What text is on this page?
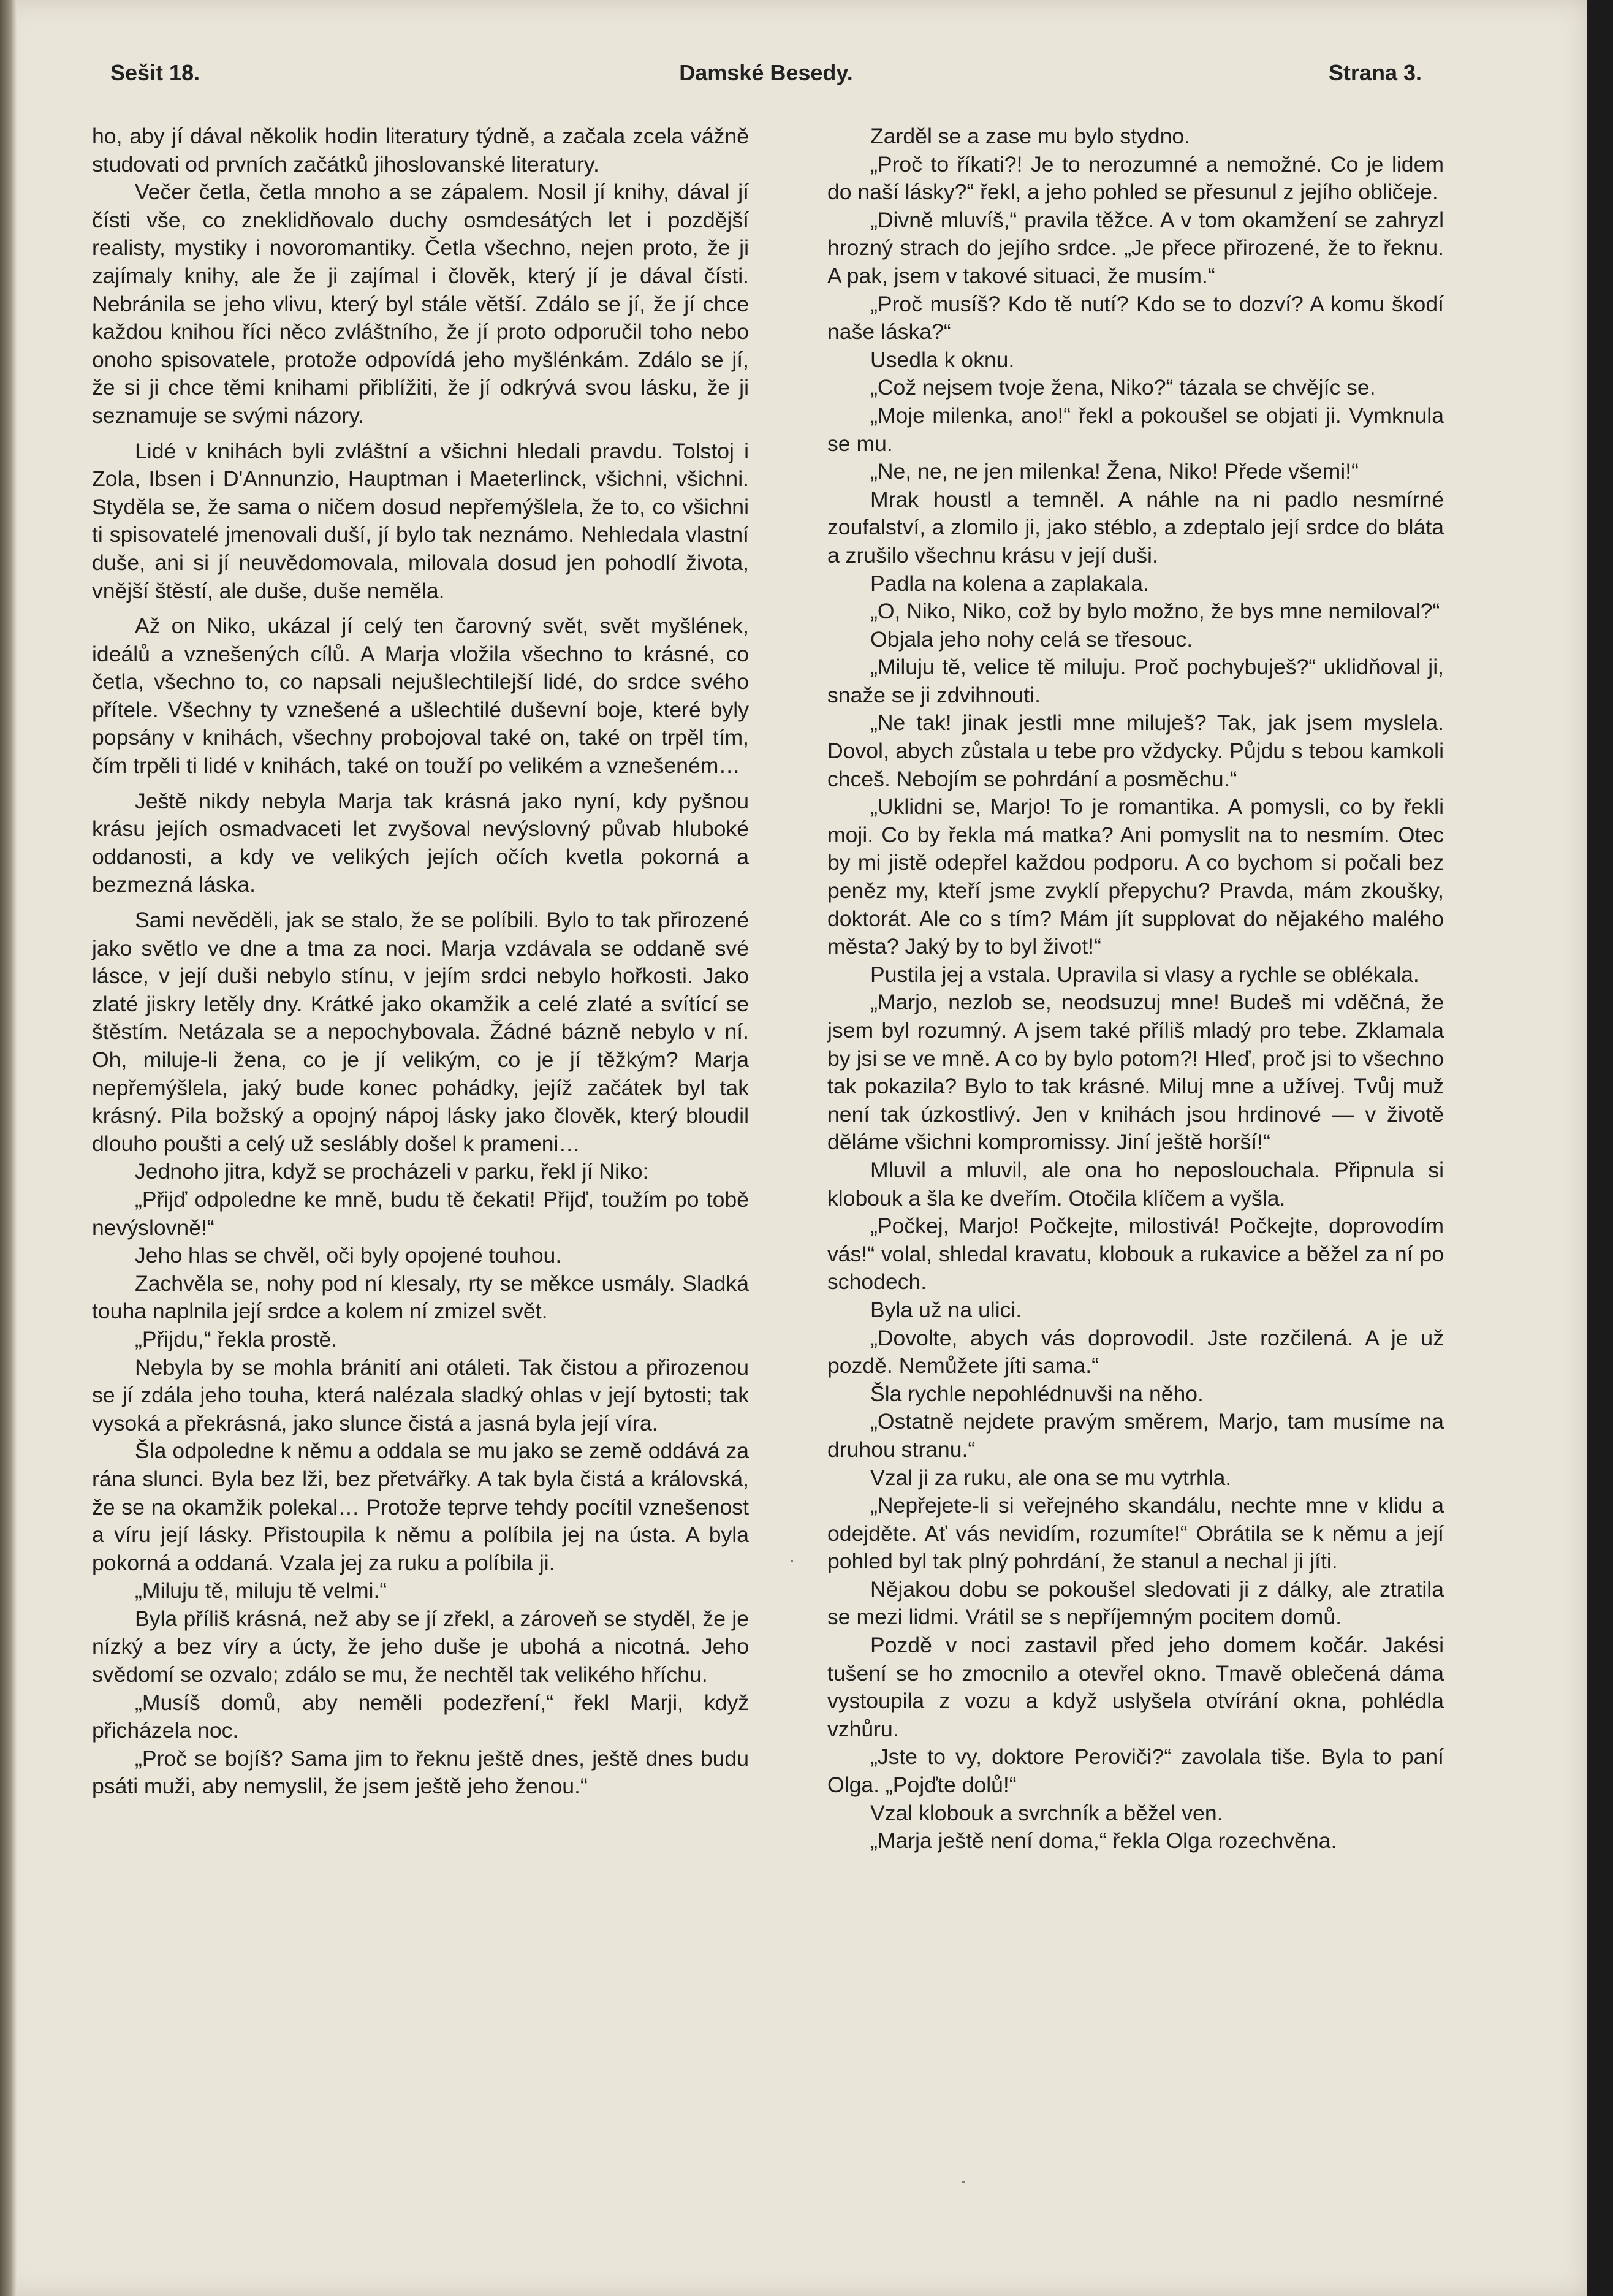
Sešit 18.	Damské Besedy.	Strana 3.

ho, aby jí dával několik hodin literatury týdně, a začala zcela vážně studovati od prvních začátků jihoslovanské literatury.

Večer četla, četla mnoho a se zápalem. Nosil jí knihy, dával jí čísti vše, co zneklidňovalo duchy osmdesátých let i pozdější realisty, mystiky i novoromantiky. Četla všechno, nejen proto, že ji zajímaly knihy, ale že ji zajímal i člověk, který jí je dával čísti. Nebránila se jeho vlivu, který byl stále větší. Zdálo se jí, že jí chce každou knihou říci něco zvláštního, že jí proto odporučil toho nebo onoho spisovatele, protože odpovídá jeho myšlénkám. Zdálo se jí, že si ji chce těmi knihami přiblížiti, že jí odkrývá svou lásku, že ji seznamuje se svými názory.

Lidé v knihách byli zvláštní a všichni hledali pravdu. Tolstoj i Zola, Ibsen i D'Annunzio, Hauptman i Maeterlinck, všichni, všichni. Styděla se, že sama o ničem dosud nepřemýšlela, že to, co všichni ti spisovatelé jmenovali duší, jí bylo tak neznámo. Nehledala vlastní duše, ani si jí neuvědomovala, milovala dosud jen pohodlí života, vnější štěstí, ale duše, duše neměla.

Až on Niko, ukázal jí celý ten čarovný svět, svět myšlének, ideálů a vznešených cílů. A Marja vložila všechno to krásné, co četla, všechno to, co napsali nejušlechtilejší lidé, do srdce svého přítele. Všechny ty vznešené a ušlechtilé duševní boje, které byly popsány v knihách, všechny probojoval také on, také on trpěl tím, čím trpěli ti lidé v knihách, také on touží po velikém a vznešeném…

Ještě nikdy nebyla Marja tak krásná jako nyní, kdy pyšnou krásu jejích osmadvaceti let zvyšoval nevýslovný půvab hluboké oddanosti, a kdy ve velikých jejích očích kvetla pokorná a bezmezná láska.

Sami nevěděli, jak se stalo, že se políbili. Bylo to tak přirozené jako světlo ve dne a tma za noci. Marja vzdávala se oddaně své lásce, v její duši nebylo stínu, v jejím srdci nebylo hořkosti. Jako zlaté jiskry letěly dny. Krátké jako okamžik a celé zlaté a svítící se štěstím. Netázala se a nepochybovala. Žádné bázně nebylo v ní. Oh, miluje-li žena, co je jí velikým, co je jí těžkým? Marja nepřemýšlela, jaký bude konec pohádky, jejíž začátek byl tak krásný. Pila božský a opojný nápoj lásky jako člověk, který bloudil dlouho poušti a celý už seslábly došel k prameni…

Jednoho jitra, když se procházeli v parku, řekl jí Niko:

„Přijď odpoledne ke mně, budu tě čekati! Přijď, toužím po tobě nevýslovně!“

Jeho hlas se chvěl, oči byly opojené touhou.

Zachvěla se, nohy pod ní klesaly, rty se měkce usmály. Sladká touha naplnila její srdce a kolem ní zmizel svět.

„Přijdu,“ řekla prostě.

Nebyla by se mohla bránití ani otáleti. Tak čistou a přirozenou se jí zdála jeho touha, která nalézala sladký ohlas v její bytosti; tak vysoká a překrásná, jako slunce čistá a jasná byla její víra.

Šla odpoledne k němu a oddala se mu jako se země oddává za rána slunci. Byla bez lži, bez přetvářky. A tak byla čistá a královská, že se na okamžik polekal… Protože teprve tehdy pocítil vznešenost a víru její lásky. Přistoupila k němu a políbila jej na ústa. A byla pokorná a oddaná. Vzala jej za ruku a políbila ji.

„Miluju tě, miluju tě velmi.“

Byla příliš krásná, než aby se jí zřekl, a zároveň se styděl, že je nízký a bez víry a úcty, že jeho duše je ubohá a nicotná. Jeho svědomí se ozvalo; zdálo se mu, že nechtěl tak velikého hříchu.

„Musíš domů, aby neměli podezření,“ řekl Marji, když přicházela noc.

„Proč se bojíš? Sama jim to řeknu ještě dnes, ještě dnes budu psáti muži, aby nemyslil, že jsem ještě jeho ženou.“

Zarděl se a zase mu bylo stydno.

„Proč to říkati?! Je to nerozumné a nemožné. Co je lidem do naší lásky?“ řekl, a jeho pohled se přesunul z jejího obličeje.

„Divně mluvíš,“ pravila těžce. A v tom okamžení se zahryzl hrozný strach do jejího srdce. „Je přece přirozené, že to řeknu. A pak, jsem v takové situaci, že musím.“

„Proč musíš? Kdo tě nutí? Kdo se to dozví? A komu škodí naše láska?“

Usedla k oknu.

„Což nejsem tvoje žena, Niko?“ tázala se chvějíc se.

„Moje milenka, ano!“ řekl a pokoušel se objati ji. Vymknula se mu.

„Ne, ne, ne jen milenka! Žena, Niko! Přede všemi!“

Mrak houstl a temněl. A náhle na ni padlo nesmírné zoufalství, a zlomilo ji, jako stéblo, a zdeptalo její srdce do bláta a zrušilo všechnu krásu v její duši.

Padla na kolena a zaplakala.

„O, Niko, Niko, což by bylo možno, že bys mne nemiloval?“

Objala jeho nohy celá se třesouc.

„Miluju tě, velice tě miluju. Proč pochybuješ?“ uklidňoval ji, snaže se ji zdvihnouti.

„Ne tak! jinak jestli mne miluješ? Tak, jak jsem myslela. Dovol, abych zůstala u tebe pro vždycky. Půjdu s tebou kamkoli chceš. Nebojím se pohrdání a posměchu.“

„Uklidni se, Marjo! To je romantika. A pomysli, co by řekli moji. Co by řekla má matka? Ani pomyslit na to nesmím. Otec by mi jistě odepřel každou podporu. A co bychom si počali bez peněz my, kteří jsme zvyklí přepychu? Pravda, mám zkoušky, doktorát. Ale co s tím? Mám jít supplovat do nějakého malého města? Jaký by to byl život!“

Pustila jej a vstala. Upravila si vlasy a rychle se oblékala.

„Marjo, nezlob se, neodsuzuj mne! Budeš mi vděčná, že jsem byl rozumný. A jsem také příliš mladý pro tebe. Zklamala by jsi se ve mně. A co by bylo potom?! Hleď, proč jsi to všechno tak pokazila? Bylo to tak krásné. Miluj mne a užívej. Tvůj muž není tak úzkostlivý. Jen v knihách jsou hrdinové — v životě děláme všichni kompromissy. Jiní ještě horší!“

Mluvil a mluvil, ale ona ho neposlouchala. Připnula si klobouk a šla ke dveřím. Otočila klíčem a vyšla.

„Počkej, Marjo! Počkejte, milostivá! Počkejte, doprovodím vás!“ volal, shledal kravatu, klobouk a rukavice a běžel za ní po schodech.

Byla už na ulici.

„Dovolte, abych vás doprovodil. Jste rozčilená. A je už pozdě. Nemůžete jíti sama.“

Šla rychle nepohlédnuvši na něho.

„Ostatně nejdete pravým směrem, Marjo, tam musíme na druhou stranu.“

Vzal ji za ruku, ale ona se mu vytrhla.

„Nepřejete-li si veřejného skandálu, nechte mne v klidu a odejděte. Ať vás nevidím, rozumíte!“ Obrátila se k němu a její pohled byl tak plný pohrdání, že stanul a nechal ji jíti.

Nějakou dobu se pokoušel sledovati ji z dálky, ale ztratila se mezi lidmi. Vrátil se s nepříjemným pocitem domů.

Pozdě v noci zastavil před jeho domem kočár. Jakési tušení se ho zmocnilo a otevřel okno. Tmavě oblečená dáma vystoupila z vozu a když uslyšela otvírání okna, pohlédla vzhůru.

„Jste to vy, doktore Peroviči?“ zavolala tiše. Byla to paní Olga. „Pojďte dolů!“

Vzal klobouk a svrchník a běžel ven.

„Marja ještě není doma,“ řekla Olga rozechvěna.
